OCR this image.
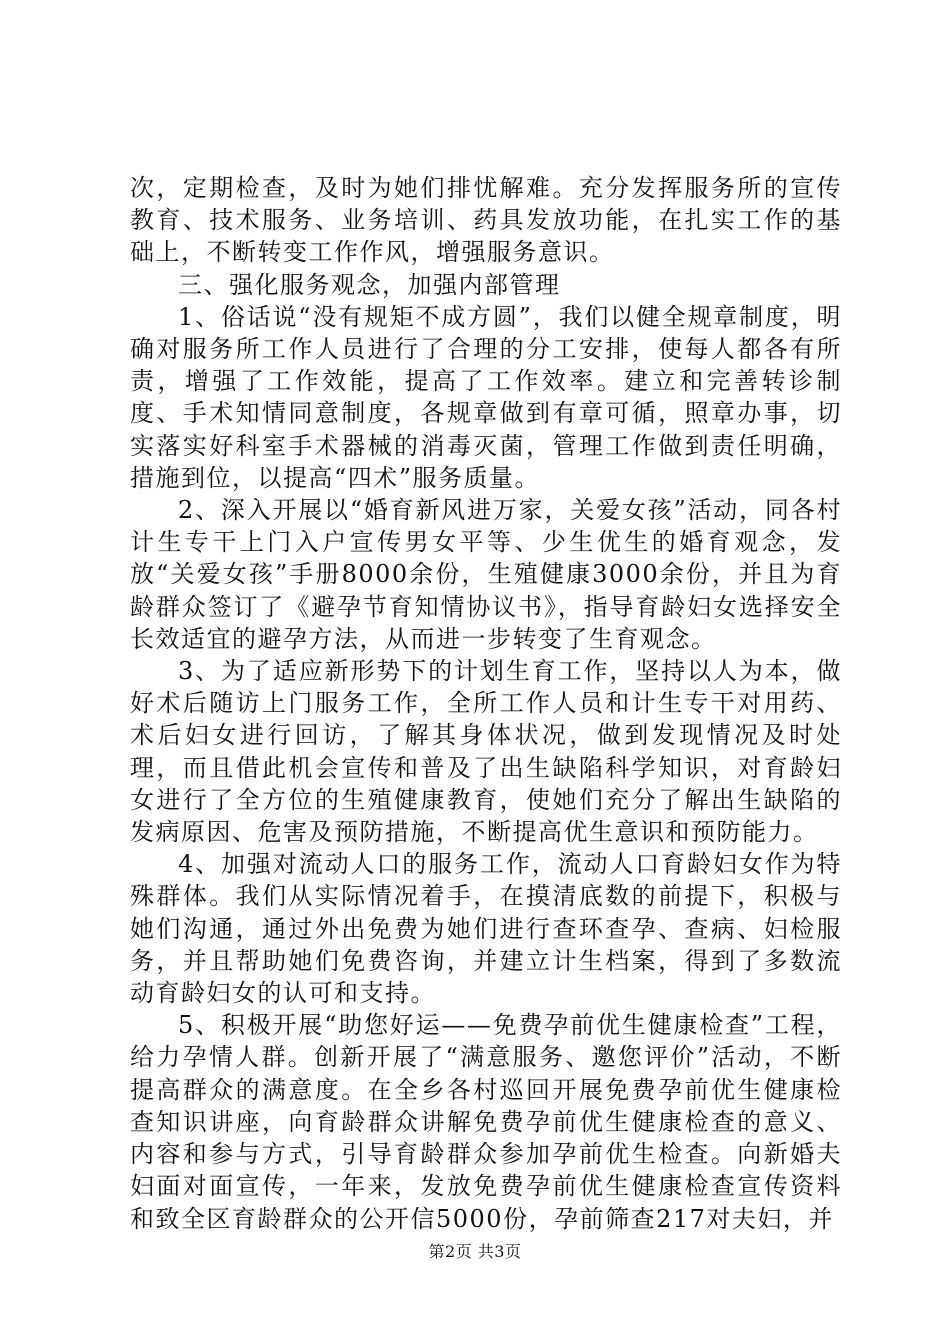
次，定期检查，及时为她们排忧解难。充分发挥服务所的宣传教育、技术服务、业务培训、药具发放功能，在扎实工作的基础上，不断转变工作作风，增强服务意识。

三、强化服务观念，加强内部管理

1、俗话说“没有规矩不成方圆”，我们以健全规章制度，明确对服务所工作人员进行了合理的分工安排，使每人都各有所责，增强了工作效能，提高了工作效率。建立和完善转诊制度、手术知情同意制度，各规章做到有章可循，照章办事，切实落实好科室手术器械的消毒灭菌，管理工作做到责任明确，措施到位，以提高“四术”服务质量。

2、深入开展以“婚育新风进万家，关爱女孩”活动，同各村计生专干上门入户宣传男女平等、少生优生的婚育观念，发放“关爱女孩”手册8000余份，生殖健康3000余份，并且为育龄群众签订了《避孕节育知情协议书》，指导育龄妇女选择安全长效适宜的避孕方法，从而进一步转变了生育观念。

3、为了适应新形势下的计划生育工作，坚持以人为本，做好术后随访上门服务工作，全所工作人员和计生专干对用药、术后妇女进行回访，了解其身体状况，做到发现情况及时处理，而且借此机会宣传和普及了出生缺陷科学知识，对育龄妇女进行了全方位的生殖健康教育，使她们充分了解出生缺陷的发病原因、危害及预防措施，不断提高优生意识和预防能力。

4、加强对流动人口的服务工作，流动人口育龄妇女作为特殊群体。我们从实际情况着手，在摸清底数的前提下，积极与她们沟通，通过外出免费为她们进行查环查孕、查病、妇检服务，并且帮助她们免费咨询，并建立计生档案，得到了多数流动育龄妇女的认可和支持。

5、积极开展“助您好运——免费孕前优生健康检查”工程，给力孕情人群。创新开展了“满意服务、邀您评价”活动，不断提高群众的满意度。在全乡各村巡回开展免费孕前优生健康检查知识讲座，向育龄群众讲解免费孕前优生健康检查的意义、内容和参与方式，引导育龄群众参加孕前优生检查。向新婚夫妇面对面宣传，一年来，发放免费孕前优生健康检查宣传资料和致全区育龄群众的公开信5000份，孕前筛查217对夫妇，并

第2页 共3页
